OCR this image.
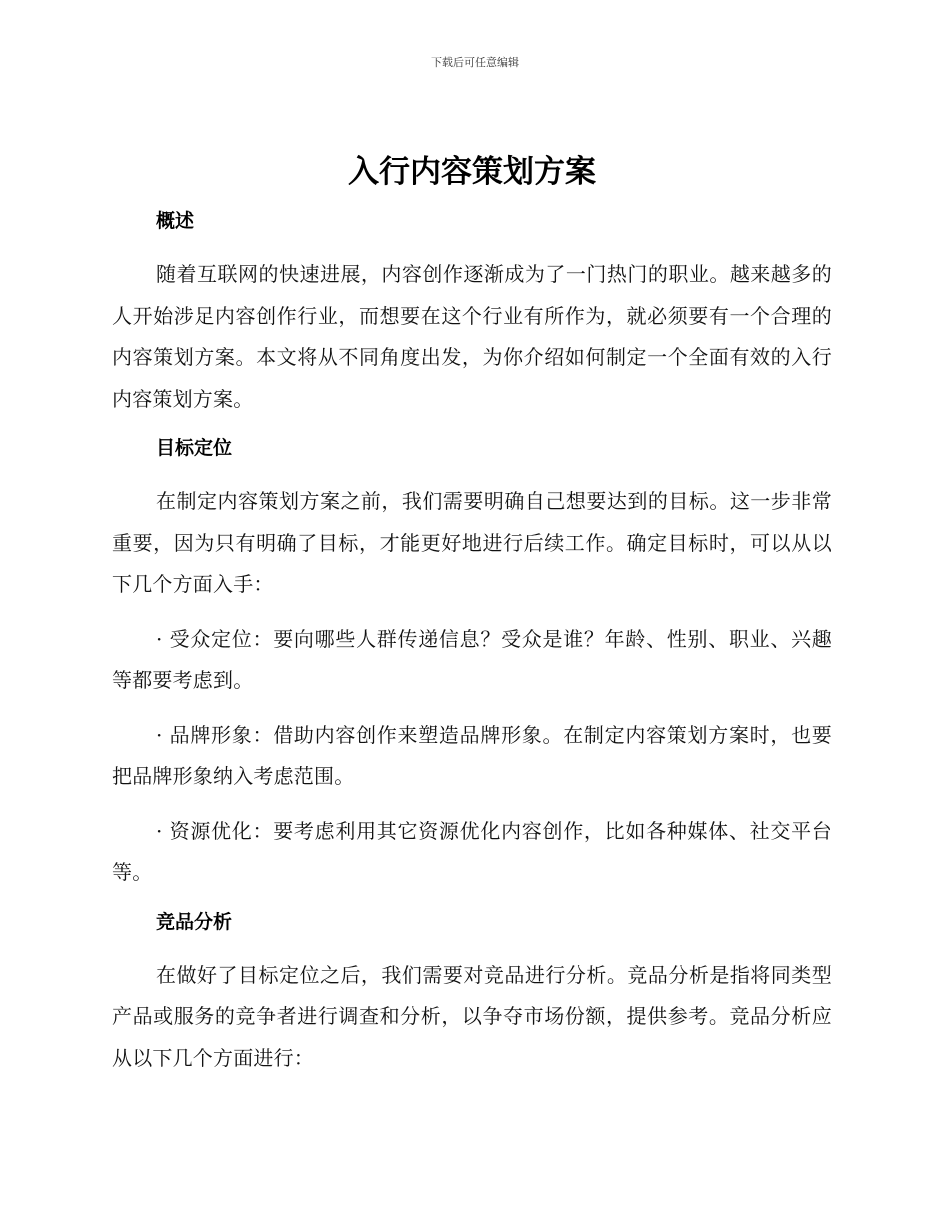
下载后可任意编辑
入行内容策划方案
概述

随着互联网的快速进展，内容创作逐渐成为了一门热门的职业。越来越多的人开始涉足内容创作行业，而想要在这个行业有所作为，就必须要有一个合理的内容策划方案。本文将从不同角度出发，为你介绍如何制定一个全面有效的入行内容策划方案。

目标定位

在制定内容策划方案之前，我们需要明确自己想要达到的目标。这一步非常重要，因为只有明确了目标，才能更好地进行后续工作。确定目标时，可以从以下几个方面入手：

· 受众定位：要向哪些人群传递信息？受众是谁？年龄、性别、职业、兴趣等都要考虑到。

· 品牌形象：借助内容创作来塑造品牌形象。在制定内容策划方案时，也要把品牌形象纳入考虑范围。

· 资源优化：要考虑利用其它资源优化内容创作，比如各种媒体、社交平台等。

竞品分析

在做好了目标定位之后，我们需要对竞品进行分析。竞品分析是指将同类型产品或服务的竞争者进行调查和分析，以争夺市场份额，提供参考。竞品分析应从以下几个方面进行：
